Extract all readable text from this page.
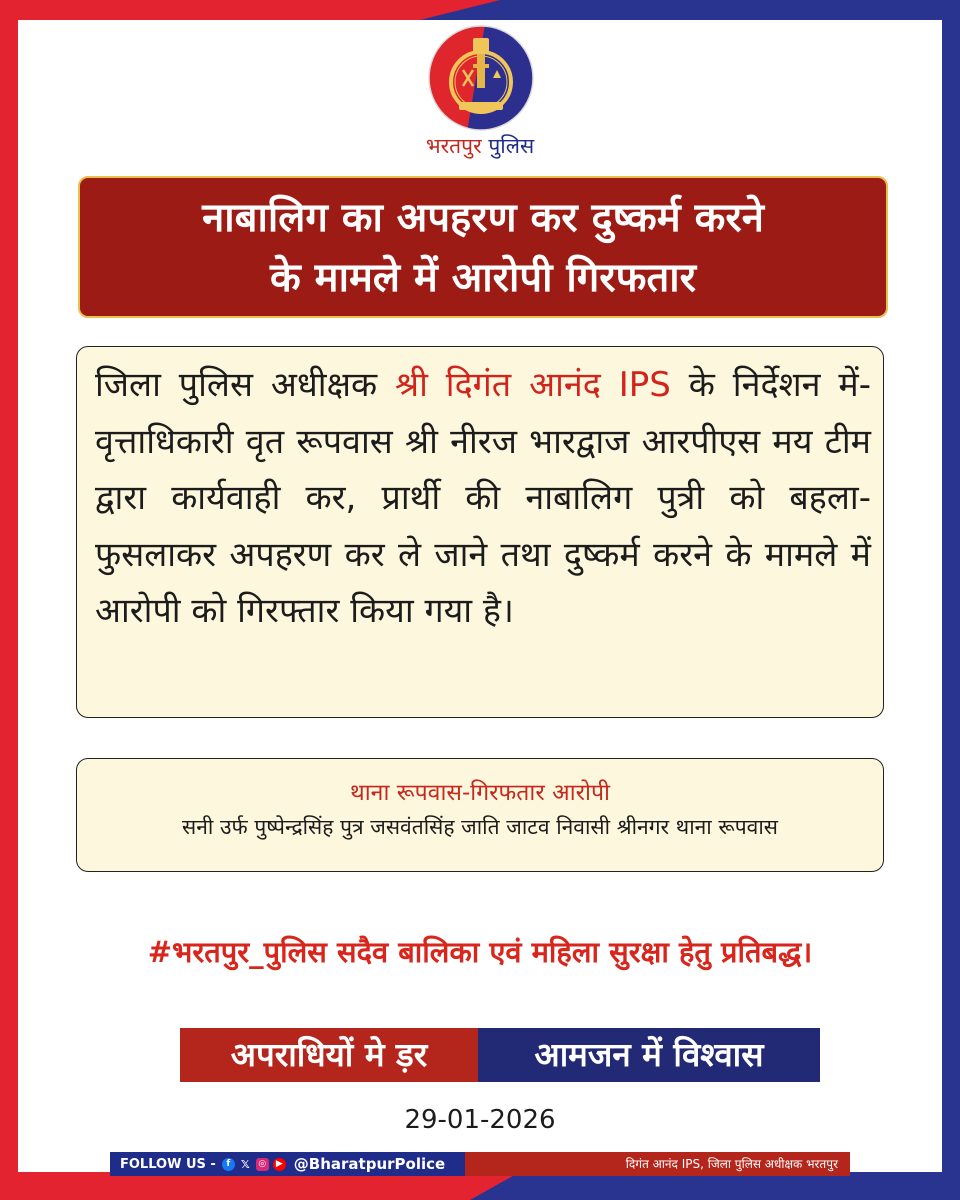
भरतपुर पुलिस
नाबालिग का अपहरण कर दुष्कर्म करने
के मामले में आरोपी गिरफतार
जिला पुलिस अधीक्षक श्री दिगंत आनंद IPS के निर्देशन में-वृत्ताधिकारी वृत रूपवास श्री नीरज भारद्वाज आरपीएस मय टीम द्वारा कार्यवाही कर, प्रार्थी की नाबालिग पुत्री को बहला-फुसलाकर अपहरण कर ले जाने तथा दुष्कर्म करने के मामले में आरोपी को गिरफ्तार किया गया है।
थाना रूपवास-गिरफतार आरोपी
सनी उर्फ पुष्पेन्द्रसिंह पुत्र जसवंतसिंह जाति जाटव निवासी श्रीनगर थाना रूपवास
#भरतपुर_पुलिस सदैव बालिका एवं महिला सुरक्षा हेतु प्रतिबद्ध।
अपराधियों मे ड़र	आमजन में विश्वास
29-01-2026
FOLLOW US -	f 𝕏 ◎	▶ @BharatpurPolice	दिगंत आनंद IPS, जिला पुलिस अधीक्षक भरतपुर
